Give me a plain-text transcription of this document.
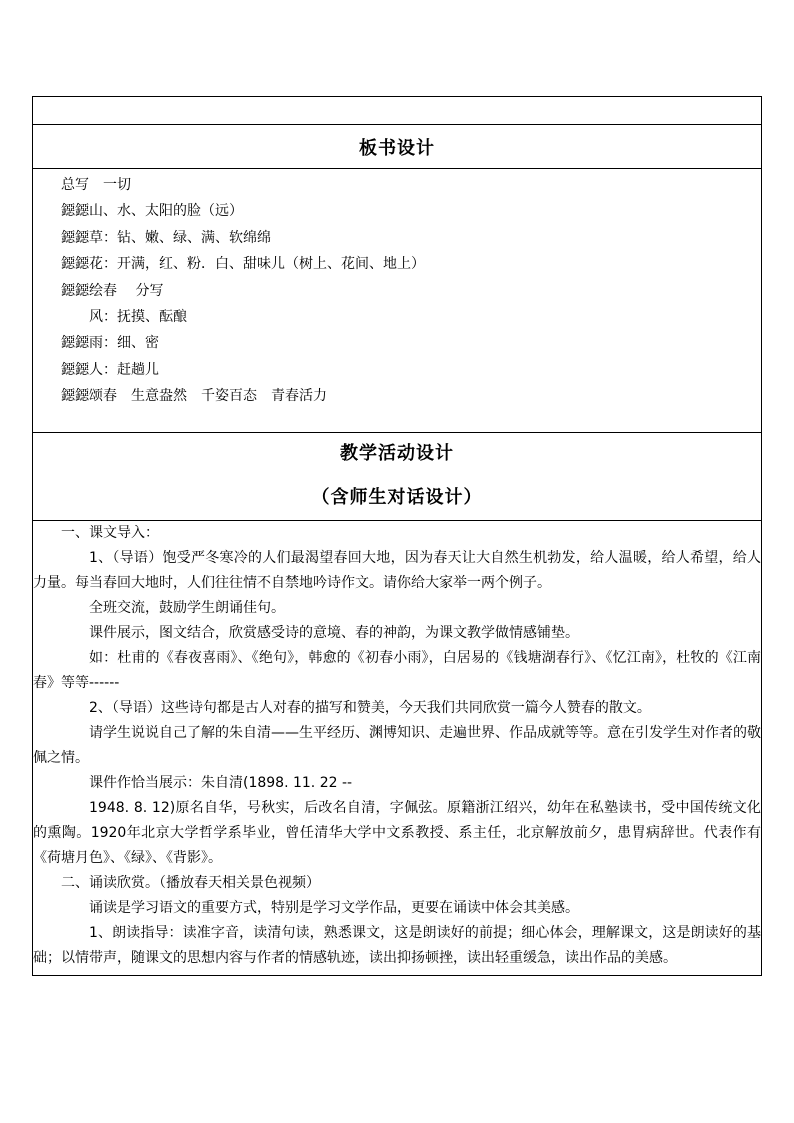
板书设计
总写　一切
鐚鐚山、水、太阳的脸（远）
鐚鐚草：钻、嫩、绿、满、软绵绵
鐚鐚花：开满，红、粉．白、甜味儿（树上、花间、地上）
鐚鐚绘春　 分写
风：抚摸、酝酿
鐚鐚雨：细、密
鐚鐚人：赶趟儿
鐚鐚颂春　生意盎然　千姿百态　青春活力
教学活动设计
（含师生对话设计）

一、课文导入：

1、（导语）饱受严冬寒冷的人们最渴望春回大地，因为春天让大自然生机勃发，给人温暖，给人希望，给人力量。每当春回大地时，人们往往情不自禁地吟诗作文。请你给大家举一两个例子。

全班交流，鼓励学生朗诵佳句。

课件展示，图文结合，欣赏感受诗的意境、春的神韵，为课文教学做情感铺垫。

如：杜甫的《春夜喜雨》、《绝句》，韩愈的《初春小雨》，白居易的《钱塘湖春行》、《忆江南》，杜牧的《江南春》等等------

2、（导语）这些诗句都是古人对春的描写和赞美，今天我们共同欣赏一篇今人赞春的散文。

请学生说说自己了解的朱自清——生平经历、渊博知识、走遍世界、作品成就等等。意在引发学生对作者的敬佩之情。

课件作恰当展示：朱自清(1898. 11. 22 --

1948. 8. 12)原名自华，号秋实，后改名自清，字佩弦。原籍浙江绍兴，幼年在私塾读书，受中国传统文化的熏陶。1920年北京大学哲学系毕业，曾任清华大学中文系教授、系主任，北京解放前夕，患胃病辞世。代表作有《荷塘月色》、《绿》、《背影》。

二、诵读欣赏。（播放春天相关景色视频）

诵读是学习语文的重要方式，特别是学习文学作品，更要在诵读中体会其美感。

1、朗读指导：读准字音，读清句读，熟悉课文，这是朗读好的前提；细心体会，理解课文，这是朗读好的基础；以情带声，随课文的思想内容与作者的情感轨迹，读出抑扬顿挫，读出轻重缓急，读出作品的美感。
